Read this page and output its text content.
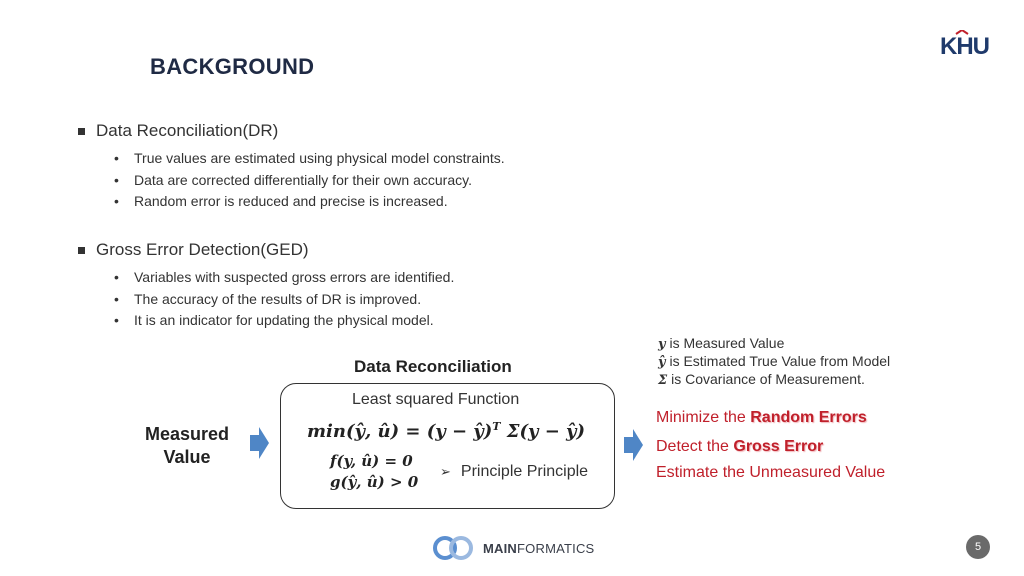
BACKGROUND
KHU
Data Reconciliation(DR)
•	True values are estimated using physical model constraints.
•	Data are corrected differentially for their own accuracy.
•	Random error is reduced and precise is increased.
Gross Error Detection(GED)
•	Variables with suspected gross errors are identified.
•	The accuracy of the results of DR is improved.
•	It is an indicator for updating the physical model.
y is Measured Value
ŷ is Estimated True Value from Model
Σ is Covariance of Measurement.
Data Reconciliation
Least squared Function
min(ŷ, û) = (y − ŷ)$^T$ Σ(y − ŷ)
f(y, û) = 0
g(ŷ, û) > 0
➢ Principle Principle
Measured
Value
Minimize the Random Errors
Detect the Gross Error
Estimate the Unmeasured Value
MAINFORMATICS	5
